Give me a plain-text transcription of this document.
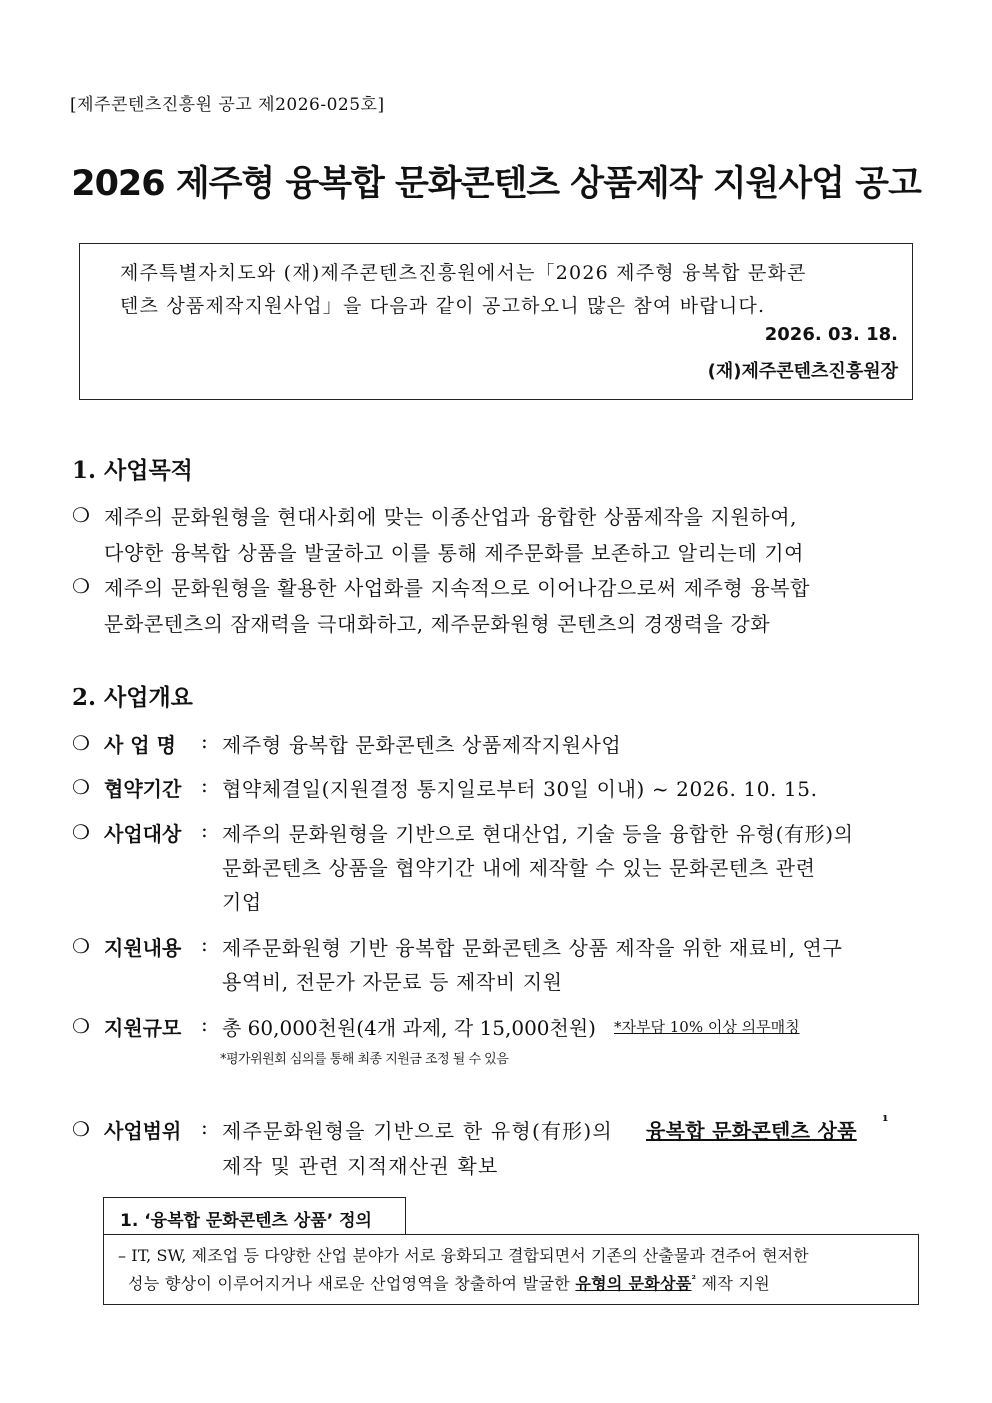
[제주콘텐츠진흥원 공고 제2026-025호]
2026 제주형 융복합 문화콘텐츠 상품제작 지원사업 공고
제주특별자치도와 (재)제주콘텐츠진흥원에서는「2026 제주형 융복합 문화콘
텐츠 상품제작지원사업」을 다음과 같이 공고하오니 많은 참여 바랍니다.
2026. 03. 18.
(재)제주콘텐츠진흥원장
1. 사업목적
❍ 제주의 문화원형을 현대사회에 맞는 이종산업과 융합한 상품제작을 지원하여,
다양한 융복합 상품을 발굴하고 이를 통해 제주문화를 보존하고 알리는데 기여
❍ 제주의 문화원형을 활용한 사업화를 지속적으로 이어나감으로써 제주형 융복합
문화콘텐츠의 잠재력을 극대화하고, 제주문화원형 콘텐츠의 경쟁력을 강화
2. 사업개요
❍ 사 업 명 : 제주형 융복합 문화콘텐츠 상품제작지원사업
❍ 협약기간 : 협약체결일(지원결정 통지일로부터 30일 이내) ~ 2026. 10. 15.
❍ 사업대상 : 제주의 문화원형을 기반으로 현대산업, 기술 등을 융합한 유형(有形)의
문화콘텐츠 상품을 협약기간 내에 제작할 수 있는 문화콘텐츠 관련
기업
❍ 지원내용 : 제주문화원형 기반 융복합 문화콘텐츠 상품 제작을 위한 재료비, 연구
용역비, 전문가 자문료 등 제작비 지원
❍ 지원규모 : 총 60,000천원(4개 과제, 각 15,000천원) *자부담 10% 이상 의무매칭
*평가위원회 심의를 통해 최종 지원금 조정 될 수 있음
❍ 사업범위 : 제주문화원형을 기반으로 한 유형(有形)의 융복합 문화콘텐츠 상품 ¹
제작 및 관련 지적재산권 확보
1. ‘융복합 문화콘텐츠 상품’ 정의
– IT, SW, 제조업 등 다양한 산업 분야가 서로 융화되고 결합되면서 기존의 산출물과 견주어 현저한
성능 향상이 이루어지거나 새로운 산업영역을 창출하여 발굴한 유형의 문화상품$^{^2}$ 제작 지원
